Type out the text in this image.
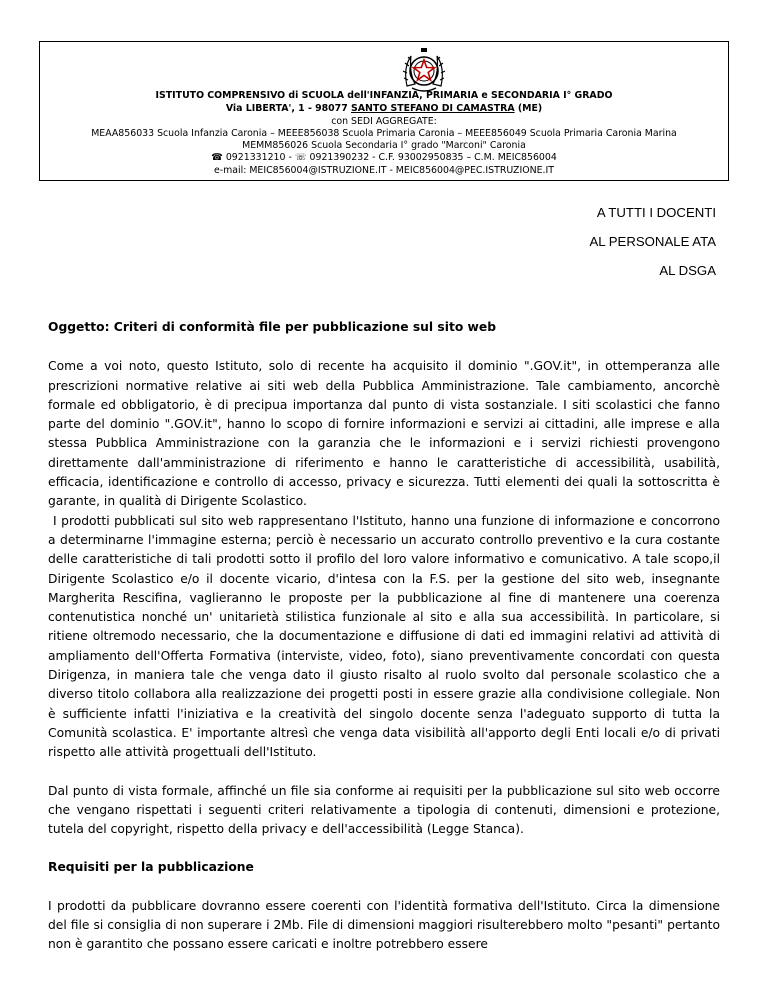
ISTITUTO COMPRENSIVO di SCUOLA dell'INFANZIA, PRIMARIA e SECONDARIA I° GRADO
Via LIBERTA', 1 - 98077 SANTO STEFANO DI CAMASTRA (ME)
con SEDI AGGREGATE:
MEAA856033 Scuola Infanzia Caronia – MEEE856038 Scuola Primaria Caronia – MEEE856049 Scuola Primaria Caronia Marina
MEMM856026 Scuola Secondaria I° grado "Marconi" Caronia
☎ 0921331210 - ☏ 0921390232 - C.F. 93002950835 – C.M. MEIC856004
e-mail: MEIC856004@ISTRUZIONE.IT - MEIC856004@PEC.ISTRUZIONE.IT
A TUTTI I DOCENTI
AL PERSONALE ATA
AL DSGA

Oggetto: Criteri di conformità file per pubblicazione sul sito web

Come a voi noto, questo Istituto, solo di recente ha acquisito il dominio ".GOV.it", in ottemperanza alle prescrizioni normative relative ai siti web della Pubblica Amministrazione. Tale cambiamento, ancorchè formale ed obbligatorio, è di precipua importanza dal punto di vista sostanziale. I siti scolastici che fanno parte del dominio ".GOV.it", hanno lo scopo di fornire informazioni e servizi ai cittadini, alle imprese e alla stessa Pubblica Amministrazione con la garanzia che le informazioni e i servizi richiesti provengono direttamente dall'amministrazione di riferimento e hanno le caratteristiche di accessibilità, usabilità, efficacia, identificazione e controllo di accesso, privacy e sicurezza. Tutti elementi dei quali la sottoscritta è garante, in qualità di Dirigente Scolastico.

I prodotti pubblicati sul sito web rappresentano l'Istituto, hanno una funzione di informazione e concorrono a determinarne l'immagine esterna; perciò è necessario un accurato controllo preventivo e la cura costante delle caratteristiche di tali prodotti sotto il profilo del loro valore informativo e comunicativo. A tale scopo,il Dirigente Scolastico e/o il docente vicario, d'intesa con la F.S. per la gestione del sito web, insegnante Margherita Rescifina, vaglieranno le proposte per la pubblicazione al fine di mantenere una coerenza contenutistica nonché un' unitarietà stilistica funzionale al sito e alla sua accessibilità. In particolare, si ritiene oltremodo necessario, che la documentazione e diffusione di dati ed immagini relativi ad attività di ampliamento dell'Offerta Formativa (interviste, video, foto), siano preventivamente concordati con questa Dirigenza, in maniera tale che venga dato il giusto risalto al ruolo svolto dal personale scolastico che a diverso titolo collabora alla realizzazione dei progetti posti in essere grazie alla condivisione collegiale. Non è sufficiente infatti l'iniziativa e la creatività del singolo docente senza l'adeguato supporto di tutta la Comunità scolastica. E' importante altresì che venga data visibilità all'apporto degli Enti locali e/o di privati rispetto alle attività progettuali dell'Istituto.

Dal punto di vista formale, affinché un file sia conforme ai requisiti per la pubblicazione sul sito web occorre che vengano rispettati i seguenti criteri relativamente a tipologia di contenuti, dimensioni e protezione, tutela del copyright, rispetto della privacy e dell'accessibilità (Legge Stanca).

Requisiti per la pubblicazione

I prodotti da pubblicare dovranno essere coerenti con l'identità formativa dell'Istituto. Circa la dimensione del file si consiglia di non superare i 2Mb. File di dimensioni maggiori risulterebbero molto "pesanti" pertanto non è garantito che possano essere caricati e inoltre potrebbero essere
